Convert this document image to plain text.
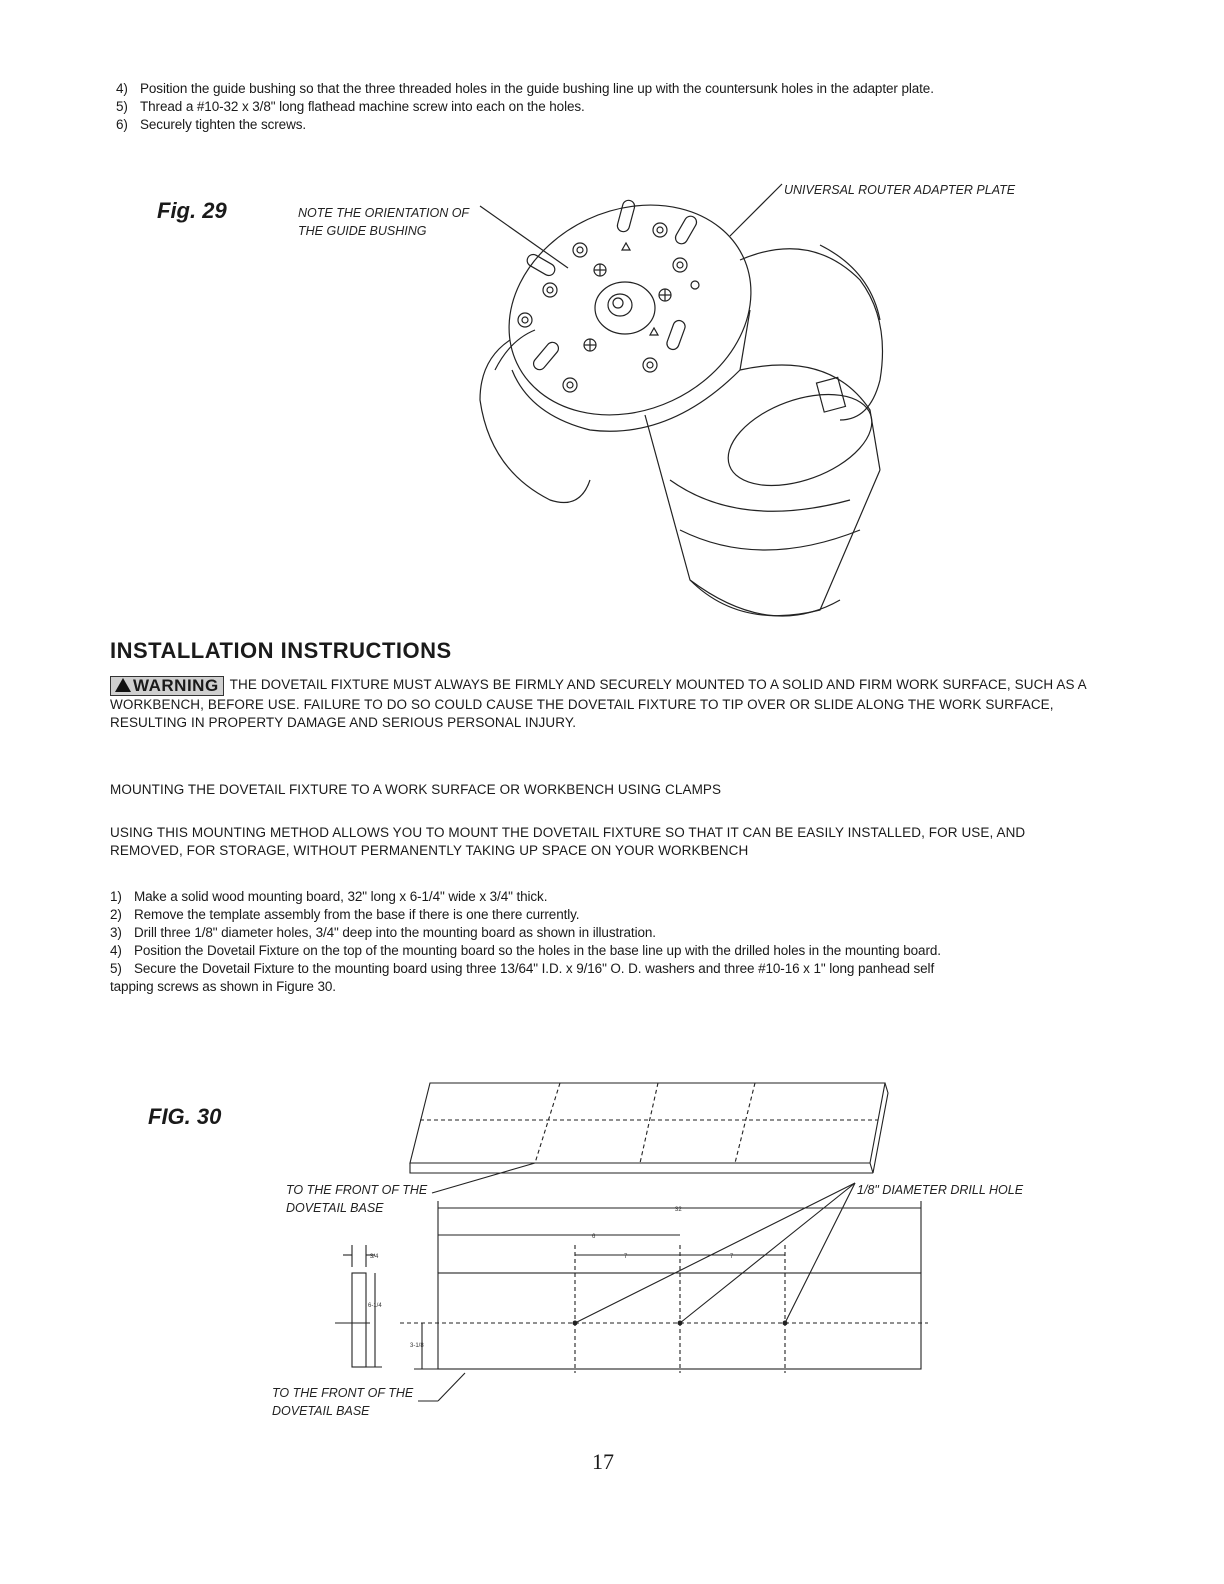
4) Position the guide bushing so that the three threaded holes in the guide bushing line up with the countersunk holes in the adapter plate.
5) Thread a #10-32 x 3/8" long flathead machine screw into each on the holes.
6) Securely tighten the screws.
Fig. 29	NOTE THE ORIENTATION OF
THE GUIDE BUSHING
UNIVERSAL ROUTER ADAPTER PLATE
INSTALLATION INSTRUCTIONS
WARNING THE DOVETAIL FIXTURE MUST ALWAYS BE FIRMLY AND SECURELY MOUNTED TO A SOLID AND FIRM WORK SURFACE, SUCH AS A WORKBENCH, BEFORE USE. FAILURE TO DO SO COULD CAUSE THE DOVETAIL FIXTURE TO TIP OVER OR SLIDE ALONG THE WORK SURFACE, RESULTING IN PROPERTY DAMAGE AND SERIOUS PERSONAL INJURY.
MOUNTING THE DOVETAIL FIXTURE TO A WORK SURFACE OR WORKBENCH USING CLAMPS
USING THIS MOUNTING METHOD ALLOWS YOU TO MOUNT THE DOVETAIL FIXTURE SO THAT IT CAN BE EASILY INSTALLED, FOR USE, AND REMOVED, FOR STORAGE, WITHOUT PERMANENTLY TAKING UP SPACE ON YOUR WORKBENCH
1) Make a solid wood mounting board, 32" long x 6-1/4" wide x 3/4" thick.
2) Remove the template assembly from the base if there is one there currently.
3) Drill three 1/8" diameter holes, 3/4" deep into the mounting board as shown in illustration.
4) Position the Dovetail Fixture on the top of the mounting board so the holes in the base line up with the drilled holes in the mounting board.
5) Secure the Dovetail Fixture to the mounting board using three 13/64" I.D. x 9/16" O. D. washers and three #10-16 x 1" long panhead self
tapping screws as shown in Figure 30.
FIG. 30
TO THE FRONT OF THE
DOVETAIL BASE
1/8" DIAMETER DRILL HOLE
TO THE FRONT OF THE
DOVETAIL BASE
32
6
7	7
3/4
6-1/4
3-1/8
17
